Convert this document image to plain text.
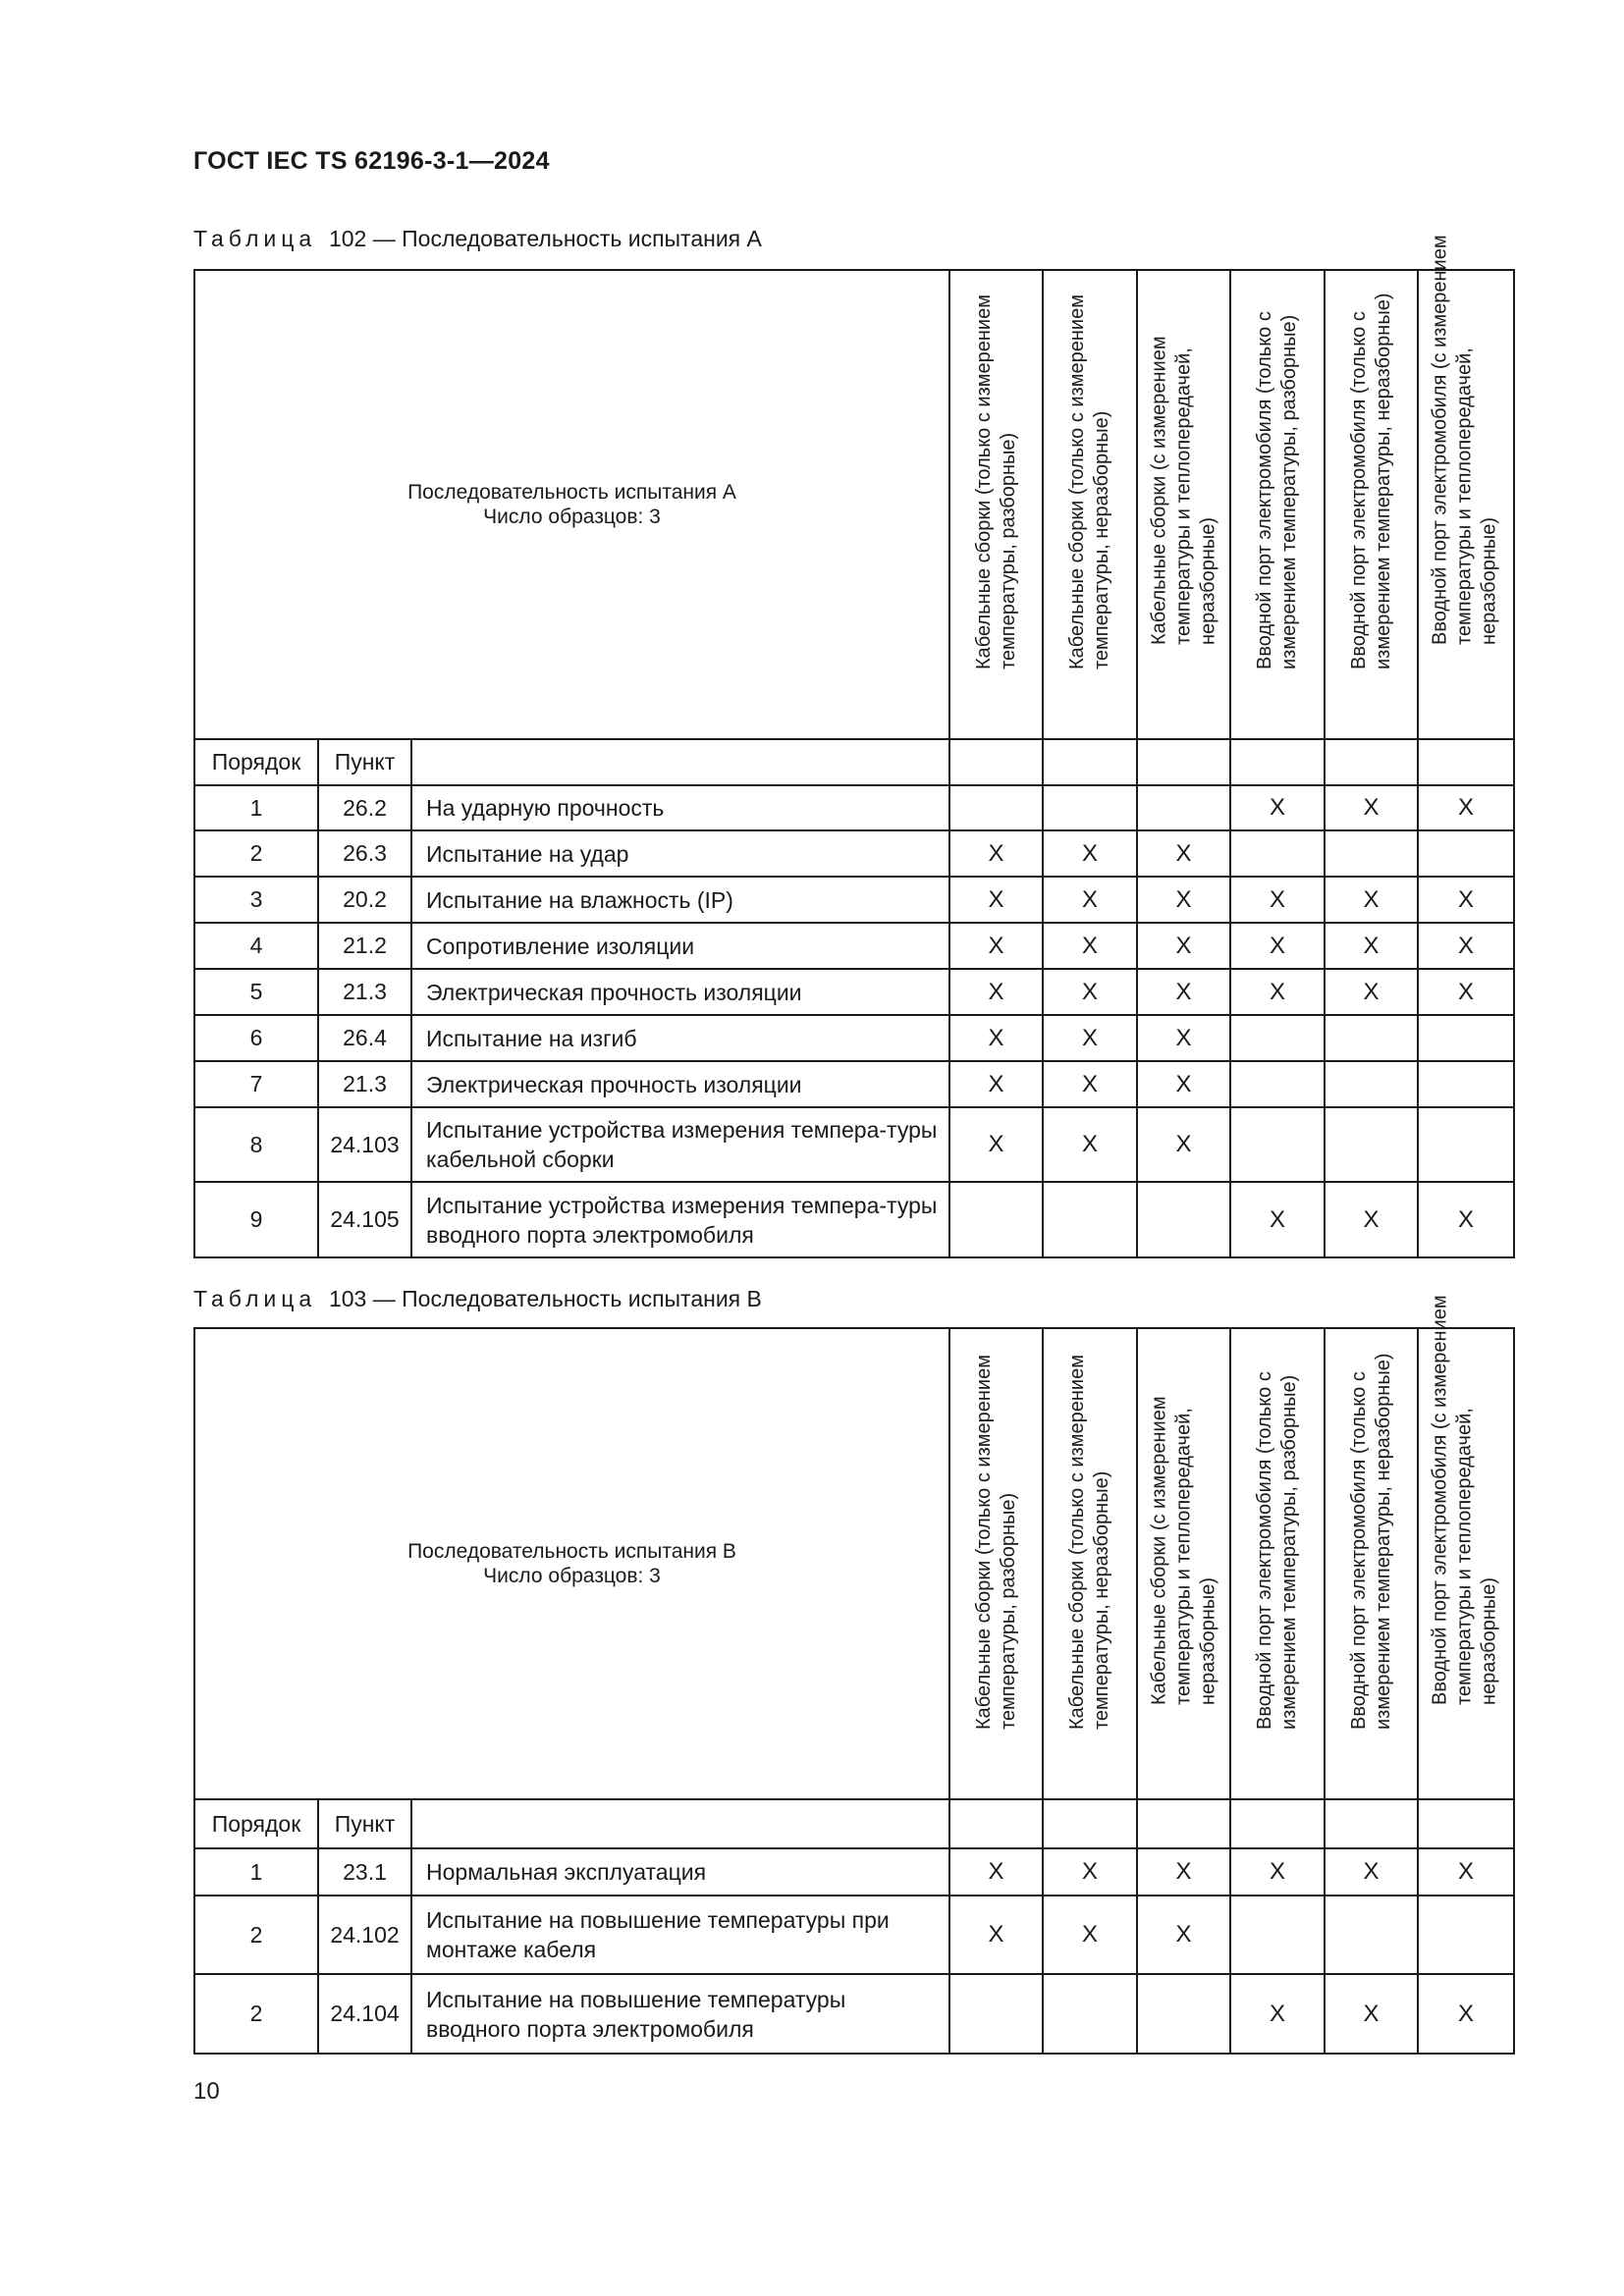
ГОСТ IEC TS 62196-3-1—2024
Таблица 102 — Последовательность испытания А
Последовательность испытания А
Число образцов: 3			Кабельные сборки (только с измерением температуры, разборные)	Кабельные сборки (только с измерением температуры, неразборные)	Кабельные сборки (с измерением температуры и теплопередачей, неразборные)	Вводной порт электромобиля (только с измерением температуры, разборные)	Вводной порт электромобиля (только с измерением температуры, неразборные)	Вводной порт электромобиля (с измерением температуры и теплопередачей, неразборные)

Порядок	Пункт							
1	26.2	На ударную прочность				X	X	X
2	26.3	Испытание на удар	X	X	X			
3	20.2	Испытание на влажность (IP)	X	X	X	X	X	X
4	21.2	Сопротивление изоляции	X	X	X	X	X	X
5	21.3	Электрическая прочность изоляции	X	X	X	X	X	X
6	26.4	Испытание на изгиб	X	X	X			
7	21.3	Электрическая прочность изоляции	X	X	X			
8	24.103	Испытание устройства измерения темпера-туры кабельной сборки	X	X	X			
9	24.105	Испытание устройства измерения темпера-туры вводного порта электромобиля				X	X	X
Таблица 103 — Последовательность испытания В
Последовательность испытания В
Число образцов: 3			Кабельные сборки (только с измерением температуры, разборные)	Кабельные сборки (только с измерением температуры, неразборные)	Кабельные сборки (с измерением температуры и теплопередачей, неразборные)	Вводной порт электромобиля (только с измерением температуры, разборные)	Вводной порт электромобиля (только с измерением температуры, неразборные)	Вводной порт электромобиля (с измерением температуры и теплопередачей, неразборные)

Порядок	Пункт							
1	23.1	Нормальная эксплуатация	X	X	X	X	X	X
2	24.102	Испытание на повышение температуры при монтаже кабеля	X	X	X			
2	24.104	Испытание на повышение температуры вводного порта электромобиля				X	X	X
10
